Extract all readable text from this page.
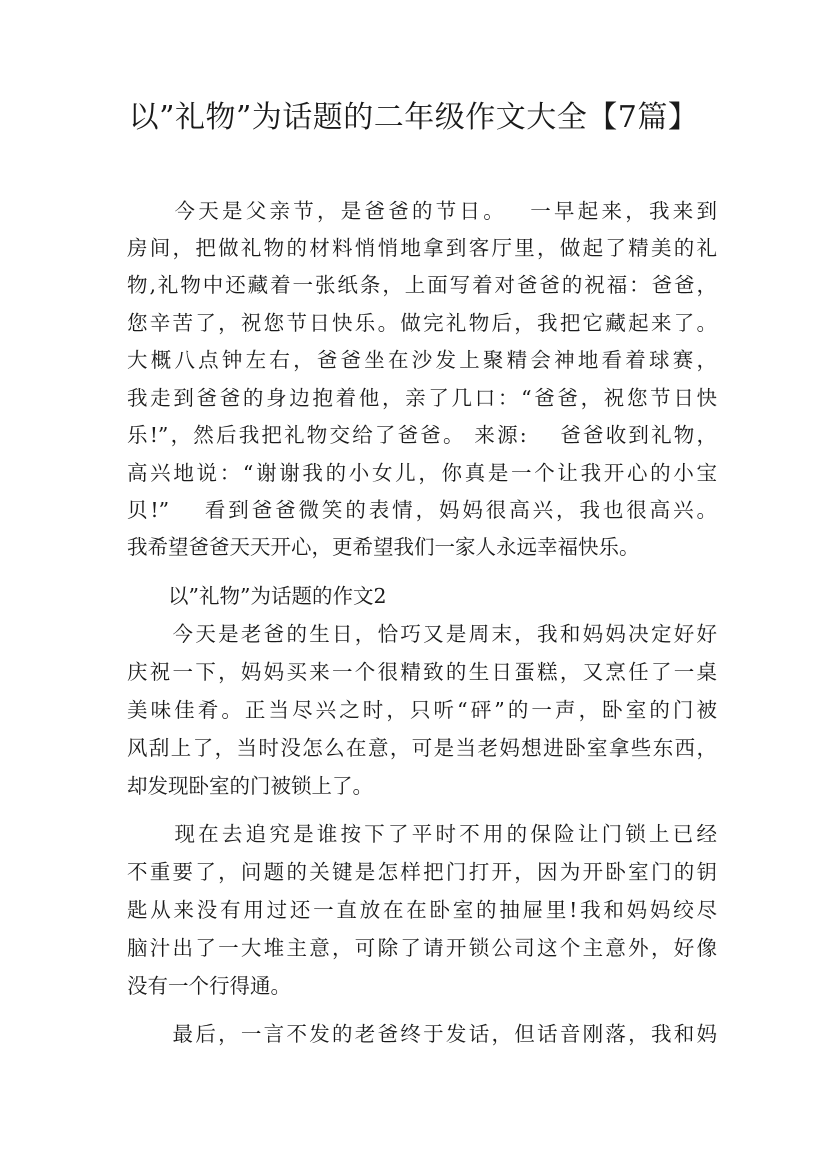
以”礼物”为话题的二年级作文大全【7篇】
　　今天是父亲节，是爸爸的节日。　 一早起来，我来到
房间，把做礼物的材料悄悄地拿到客厅里，做起了精美的礼
物,礼物中还藏着一张纸条，上面写着对爸爸的祝福：爸爸，
您辛苦了，祝您节日快乐。做完礼物后，我把它藏起来了。
大概八点钟左右，爸爸坐在沙发上聚精会神地看着球赛，
我走到爸爸的身边抱着他，亲了几口：“爸爸，祝您节日快
乐!”，然后我把礼物交给了爸爸。 来源:　 爸爸收到礼物，
高兴地说：“谢谢我的小女儿，你真是一个让我开心的小宝
贝!”　 看到爸爸微笑的表情，妈妈很高兴，我也很高兴。
我希望爸爸天天开心，更希望我们一家人永远幸福快乐。
　　以”礼物”为话题的作文2
　　今天是老爸的生日，恰巧又是周末，我和妈妈决定好好
庆祝一下，妈妈买来一个很精致的生日蛋糕，又烹任了一桌
美味佳肴。正当尽兴之时，只听“砰”的一声，卧室的门被
风刮上了，当时没怎么在意，可是当老妈想进卧室拿些东西，
却发现卧室的门被锁上了。
　　现在去追究是谁按下了平时不用的保险让门锁上已经
不重要了，问题的关键是怎样把门打开，因为开卧室门的钥
匙从来没有用过还一直放在在卧室的抽屉里!我和妈妈绞尽
脑汁出了一大堆主意，可除了请开锁公司这个主意外，好像
没有一个行得通。
　　最后，一言不发的老爸终于发话，但话音刚落，我和妈
